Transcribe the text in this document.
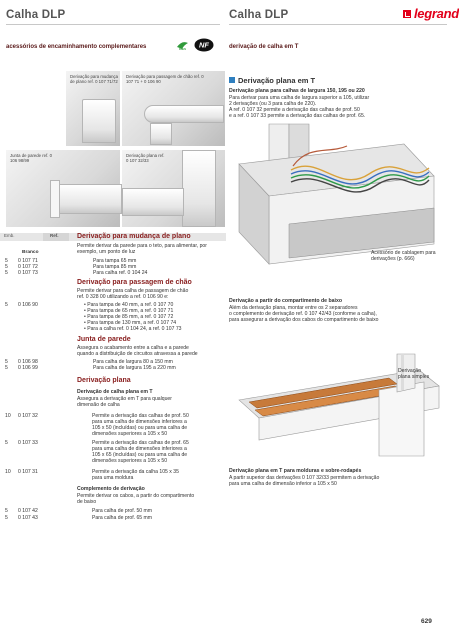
Calha DLP
acessórios de encaminhamento complementares	RoHS NF
Calha DLP
derivação de calha em T
legrand
Derivação para mudança de plano ref. 0 107 71/72
Derivação para passagem de chão ref. 0 107 71 + 0 106 90
Junta de parede ref. 0 106 98/99
Derivação plana ref. 0 107 32/33
Emb.	Ref.
Branco
Derivação para mudança de plano
Permite derivar da parede para o teto, para alimentar, por exemplo, um ponto de luz
5 0 107 71	Para tampa 65 mm
5 0 107 72	Para tampa 85 mm
5 0 107 73	Para calha ref. 0 104 24
Derivação para passagem de chão
Permite derivar para calha de passagem de chão
ref. 0 328 00 utilizando a ref. 0 106 90 e:
5 0 106 90	• Para tampa de 40 mm, a ref. 0 107 70
• Para tampa de 65 mm, a ref. 0 107 71
• Para tampa de 85 mm, a ref. 0 107 72
• Para tampa de 130 mm, a ref. 0 107 74
• Para a calha ref. 0 104 24, a ref. 0 107 73
Junta de parede
Assegura o acabamento entre a calha e a parede
quando a distribuição de circuitos atravessa a parede
5 0 106 98	Para calha de largura 80 a 150 mm
5 0 106 99	Para calha de largura 195 a 220 mm
Derivação plana
Derivação de calha plana em T
Assegura a derivação em T para qualquer
dimensão de calha
10 0 107 32	Permite a derivação das calhas de prof. 50
para uma calha de dimensões inferiores a
105 x 50 (incluídas) ou para uma calha de
dimensões superiores a 105 x 50
5 0 107 33	Permite a derivação das calhas de prof. 65
para uma calha de dimensões inferiores a
105 x 65 (incluídas) ou para uma calha de
dimensões superiores a 105 x 50
10 0 107 31	Permite a derivação da calha 105 x 35
para uma moldura
Complemento de derivação
Permite derivar os cabos, a partir do compartimento
de baixo
5 0 107 42	Para calha de prof. 50 mm
5 0 107 43	Para calha de prof. 65 mm
Derivação plana em T
Derivação plana para calhas de largura 150, 195 ou 220
Para derivar para uma calha de largura superior a 105, utilizar
2 derivações (ou 3 para calha de 220).
A ref. 0 107 32 permite a derivação das calhas de prof. 50
e a ref. 0 107 33 permite a derivação das calhas de prof. 65.
Acessório de cablagem para derivações (p. 666)
Derivação a partir do compartimento de baixo
Além da derivação plana, montar entre os 2 separadores
o complemento de derivação ref. 0 107 42/43 (conforme a calha),
para assegurar a derivação dos cabos do compartimento de baixo
Derivação
plana simples
Derivação plana em T para molduras e sobre-rodapés
A partir superior das derivações 0 107 32/33 permitem a derivação
para uma calha de dimensão inferior a 105 x 50
629
